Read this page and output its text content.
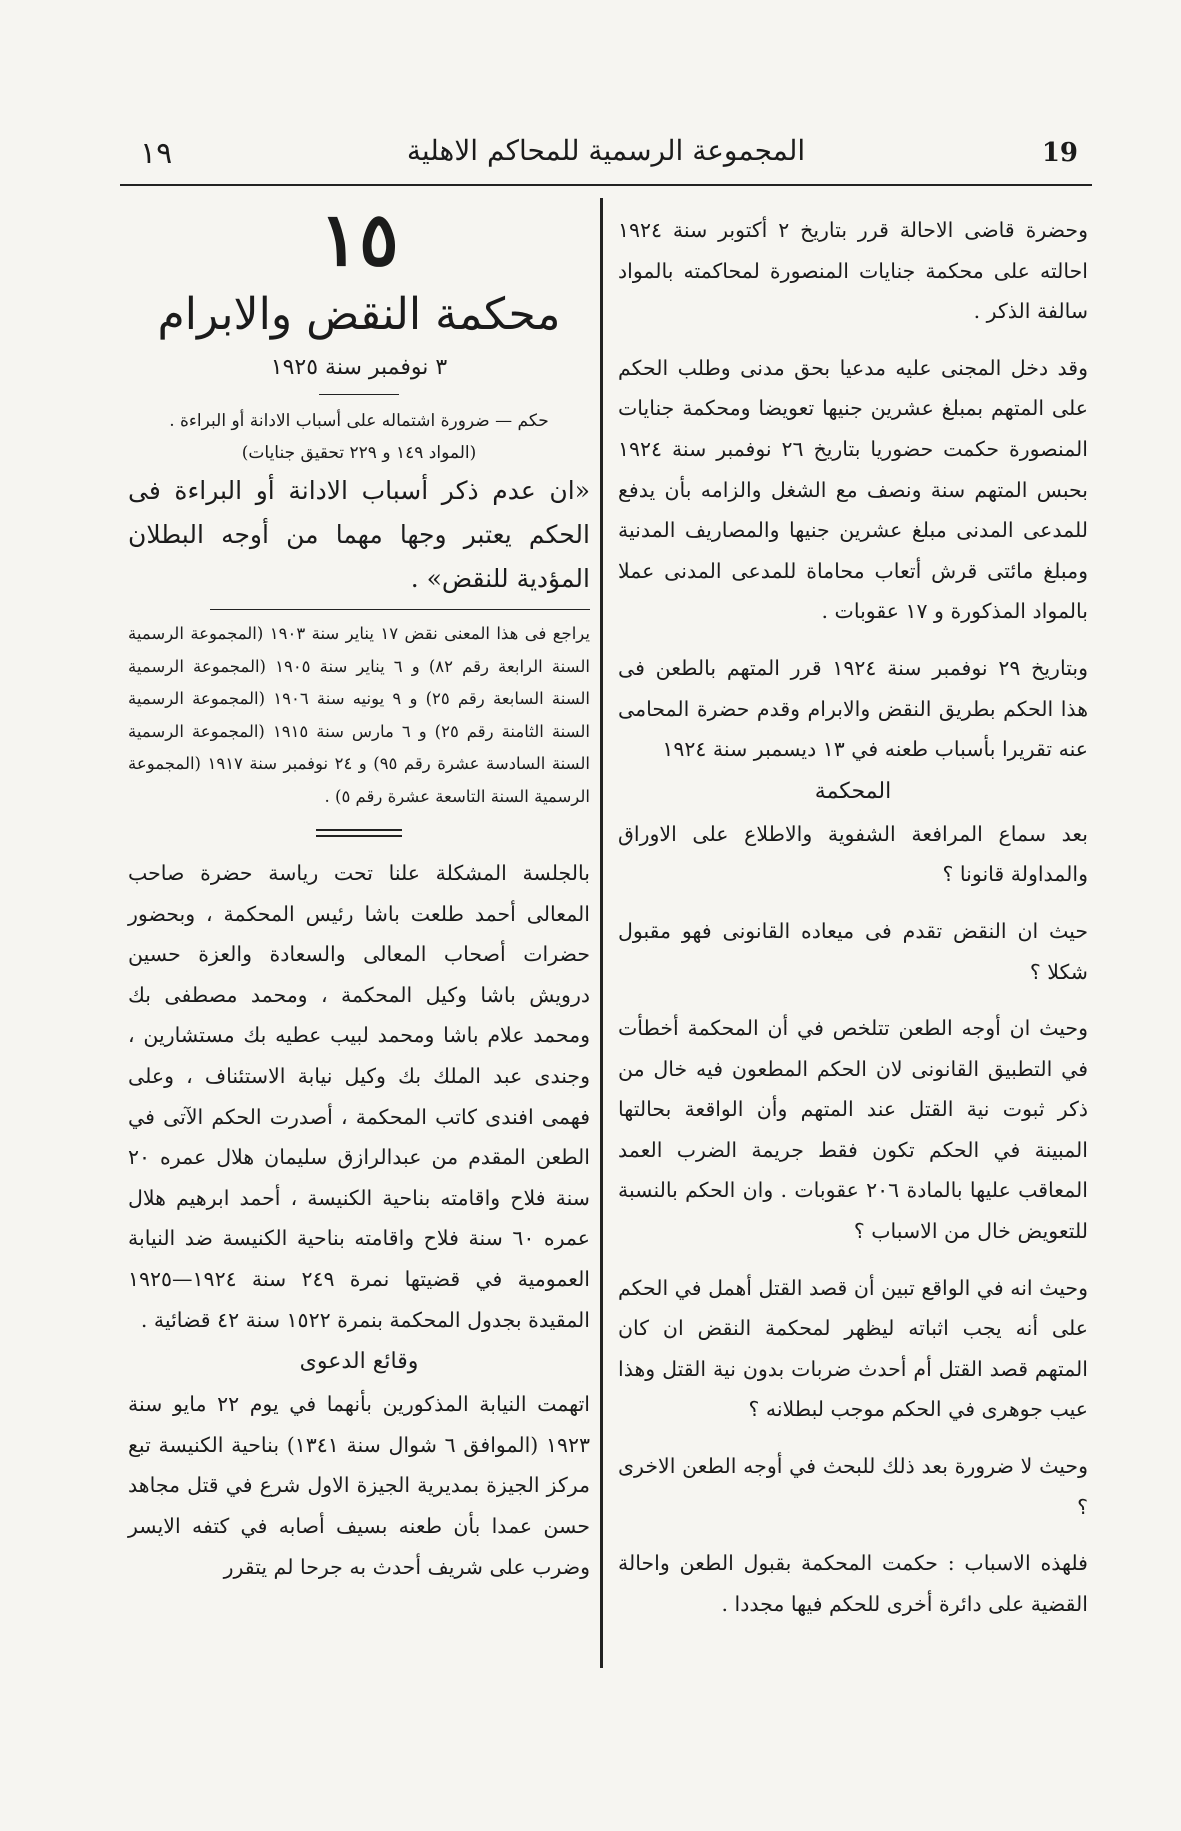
١٩	المجموعة الرسمية للمحاكم الاهلية	19

١٥

محكمة النقض والابرام

٣ نوفمبر سنة ١٩٢٥

حكم — ضرورة اشتماله على أسباب الادانة أو البراءة .

(المواد ١٤٩ و ٢٢٩ تحقيق جنايات)

«ان عدم ذكر أسباب الادانة أو البراءة فى الحكم يعتبر وجها مهما من أوجه البطلان المؤدية للنقض» .

يراجع فى هذا المعنى نقض ١٧ يناير سنة ١٩٠٣ (المجموعة الرسمية السنة الرابعة رقم ٨٢) و ٦ يناير سنة ١٩٠٥ (المجموعة الرسمية السنة السابعة رقم ٢٥) و ٩ يونيه سنة ١٩٠٦ (المجموعة الرسمية السنة الثامنة رقم ٢٥) و ٦ مارس سنة ١٩١٥ (المجموعة الرسمية السنة السادسة عشرة رقم ٩٥) و ٢٤ نوفمبر سنة ١٩١٧ (المجموعة الرسمية السنة التاسعة عشرة رقم ٥) .

بالجلسة المشكلة علنا تحت رياسة حضرة صاحب المعالى أحمد طلعت باشا رئيس المحكمة ، وبحضور حضرات أصحاب المعالى والسعادة والعزة حسين درويش باشا وكيل المحكمة ، ومحمد مصطفى بك ومحمد علام باشا ومحمد لبيب عطيه بك مستشارين ، وجندى عبد الملك بك وكيل نيابة الاستئناف ، وعلى فهمى افندى كاتب المحكمة ، أصدرت الحكم الآتى في الطعن المقدم من عبدالرازق سليمان هلال عمره ٢٠ سنة فلاح واقامته بناحية الكنيسة ، أحمد ابرهيم هلال عمره ٦٠ سنة فلاح واقامته بناحية الكنيسة ضد النيابة العمومية في قضيتها نمرة ٢٤٩ سنة ١٩٢٤—١٩٢٥ المقيدة بجدول المحكمة بنمرة ١٥٢٢ سنة ٤٢ قضائية .

وقائع الدعوى

اتهمت النيابة المذكورين بأنهما في يوم ٢٢ مايو سنة ١٩٢٣ (الموافق ٦ شوال سنة ١٣٤١) بناحية الكنيسة تبع مركز الجيزة بمديرية الجيزة الاول شرع في قتل مجاهد حسن عمدا بأن طعنه بسيف أصابه في كتفه الايسر وضرب على شريف أحدث به جرحا لم يتقرر

وحضرة قاضى الاحالة قرر بتاريخ ٢ أكتوبر سنة ١٩٢٤ احالته على محكمة جنايات المنصورة لمحاكمته بالمواد سالفة الذكر .

وقد دخل المجنى عليه مدعيا بحق مدنى وطلب الحكم على المتهم بمبلغ عشرين جنيها تعويضا ومحكمة جنايات المنصورة حكمت حضوريا بتاريخ ٢٦ نوفمبر سنة ١٩٢٤ بحبس المتهم سنة ونصف مع الشغل والزامه بأن يدفع للمدعى المدنى مبلغ عشرين جنيها والمصاريف المدنية ومبلغ مائتى قرش أتعاب محاماة للمدعى المدنى عملا بالمواد المذكورة و ١٧ عقوبات .

وبتاريخ ٢٩ نوفمبر سنة ١٩٢٤ قرر المتهم بالطعن فى هذا الحكم بطريق النقض والابرام وقدم حضرة المحامى عنه تقريرا بأسباب طعنه في ١٣ ديسمبر سنة ١٩٢٤

المحكمة

بعد سماع المرافعة الشفوية والاطلاع على الاوراق والمداولة قانونا ؟

حيث ان النقض تقدم فى ميعاده القانونى فهو مقبول شكلا ؟

وحيث ان أوجه الطعن تتلخص في أن المحكمة أخطأت في التطبيق القانونى لان الحكم المطعون فيه خال من ذكر ثبوت نية القتل عند المتهم وأن الواقعة بحالتها المبينة في الحكم تكون فقط جريمة الضرب العمد المعاقب عليها بالمادة ٢٠٦ عقوبات . وان الحكم بالنسبة للتعويض خال من الاسباب ؟

وحيث انه في الواقع تبين أن قصد القتل أهمل في الحكم على أنه يجب اثباته ليظهر لمحكمة النقض ان كان المتهم قصد القتل أم أحدث ضربات بدون نية القتل وهذا عيب جوهرى في الحكم موجب لبطلانه ؟

وحيث لا ضرورة بعد ذلك للبحث في أوجه الطعن الاخرى ؟

فلهذه الاسباب : حكمت المحكمة بقبول الطعن واحالة القضية على دائرة أخرى للحكم فيها مجددا .
